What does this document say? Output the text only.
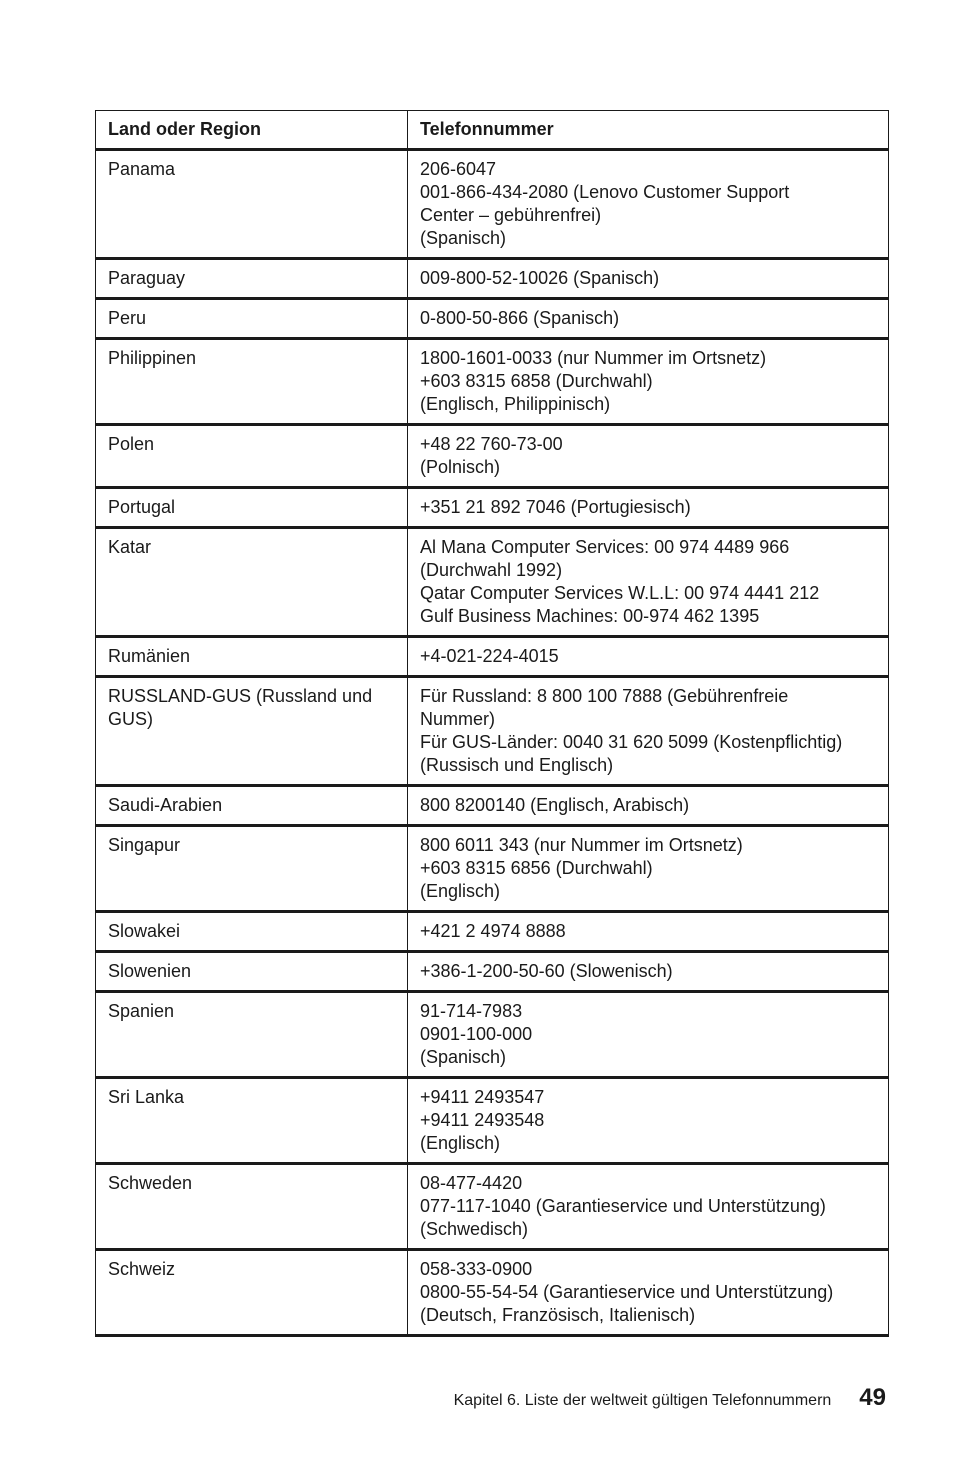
Land oder Region	Telefonnummer
Panama	206-6047
001-866-434-2080 (Lenovo Customer Support
Center – gebührenfrei)
(Spanisch)

Paraguay	009-800-52-10026 (Spanisch)

Peru	0-800-50-866 (Spanisch)

Philippinen	1800-1601-0033 (nur Nummer im Ortsnetz)
+603 8315 6858 (Durchwahl)
(Englisch, Philippinisch)

Polen	+48 22 760-73-00
(Polnisch)

Portugal	+351 21 892 7046 (Portugiesisch)

Katar	Al Mana Computer Services: 00 974 4489 966
(Durchwahl 1992)
Qatar Computer Services W.L.L: 00 974 4441 212
Gulf Business Machines: 00-974 462 1395

Rumänien	+4-021-224-4015

RUSSLAND-GUS (Russland und GUS)	Für Russland: 8 800 100 7888 (Gebührenfreie
Nummer)
Für GUS-Länder: 0040 31 620 5099 (Kostenpflichtig)
(Russisch und Englisch)

Saudi-Arabien	800 8200140 (Englisch, Arabisch)

Singapur	800 6011 343 (nur Nummer im Ortsnetz)
+603 8315 6856 (Durchwahl)
(Englisch)

Slowakei	+421 2 4974 8888

Slowenien	+386-1-200-50-60 (Slowenisch)

Spanien	91-714-7983
0901-100-000
(Spanisch)

Sri Lanka	+9411 2493547
+9411 2493548
(Englisch)

Schweden	08-477-4420
077-117-1040 (Garantieservice und Unterstützung)
(Schwedisch)

Schweiz	058-333-0900
0800-55-54-54 (Garantieservice und Unterstützung)
(Deutsch, Französisch, Italienisch)
Kapitel 6. Liste der weltweit gültigen Telefonnummern 49
